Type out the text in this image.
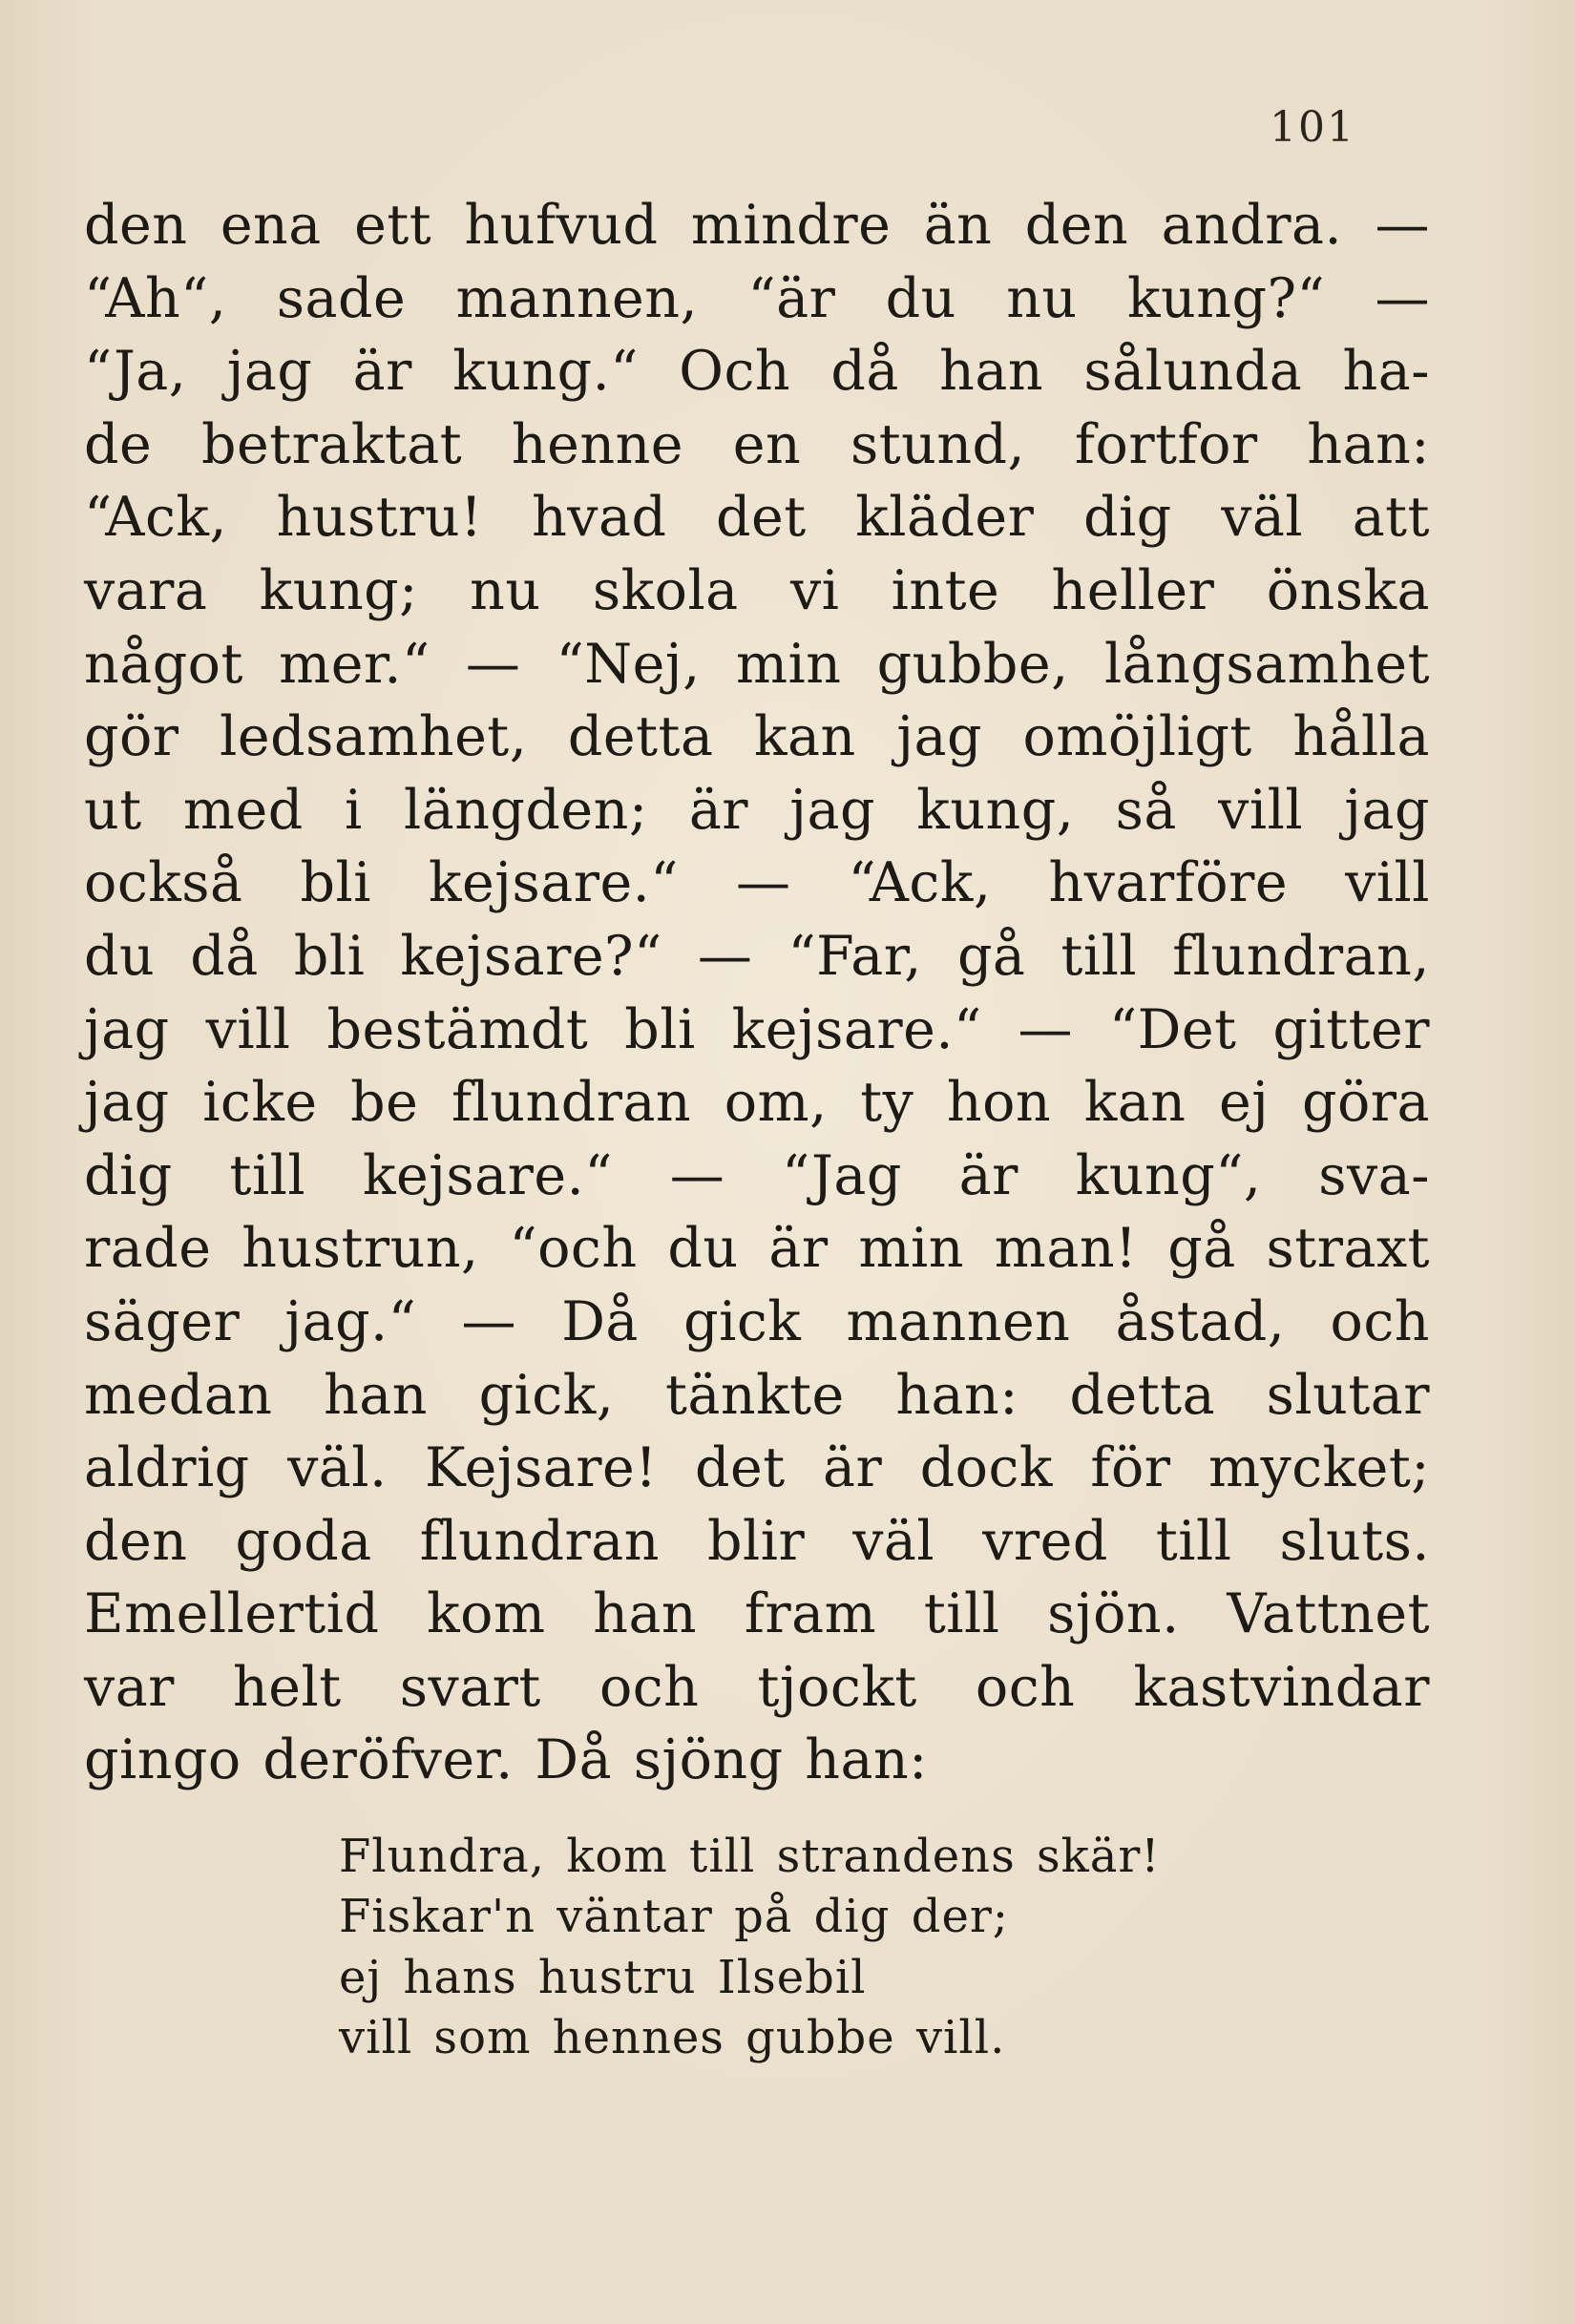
101
den ena ett hufvud mindre än den andra. —
“Ah“, sade mannen, “är du nu kung?“ —
“Ja, jag är kung.“ Och då han sålunda ha-
de betraktat henne en stund, fortfor han:
“Ack, hustru! hvad det kläder dig väl att
vara kung; nu skola vi inte heller önska
något mer.“ — “Nej, min gubbe, långsamhet
gör ledsamhet, detta kan jag omöjligt hålla
ut med i längden; är jag kung, så vill jag
också bli kejsare.“ — “Ack, hvarföre vill
du då bli kejsare?“ — “Far, gå till flundran,
jag vill bestämdt bli kejsare.“ — “Det gitter
jag icke be flundran om, ty hon kan ej göra
dig till kejsare.“ — “Jag är kung“, sva-
rade hustrun, “och du är min man! gå straxt
säger jag.“ — Då gick mannen åstad, och
medan han gick, tänkte han: detta slutar
aldrig väl. Kejsare! det är dock för mycket;
den goda flundran blir väl vred till sluts.
Emellertid kom han fram till sjön. Vattnet
var helt svart och tjockt och kastvindar
gingo deröfver. Då sjöng han:
Flundra, kom till strandens skär!
Fiskar'n väntar på dig der;
ej hans hustru Ilsebil
vill som hennes gubbe vill.
